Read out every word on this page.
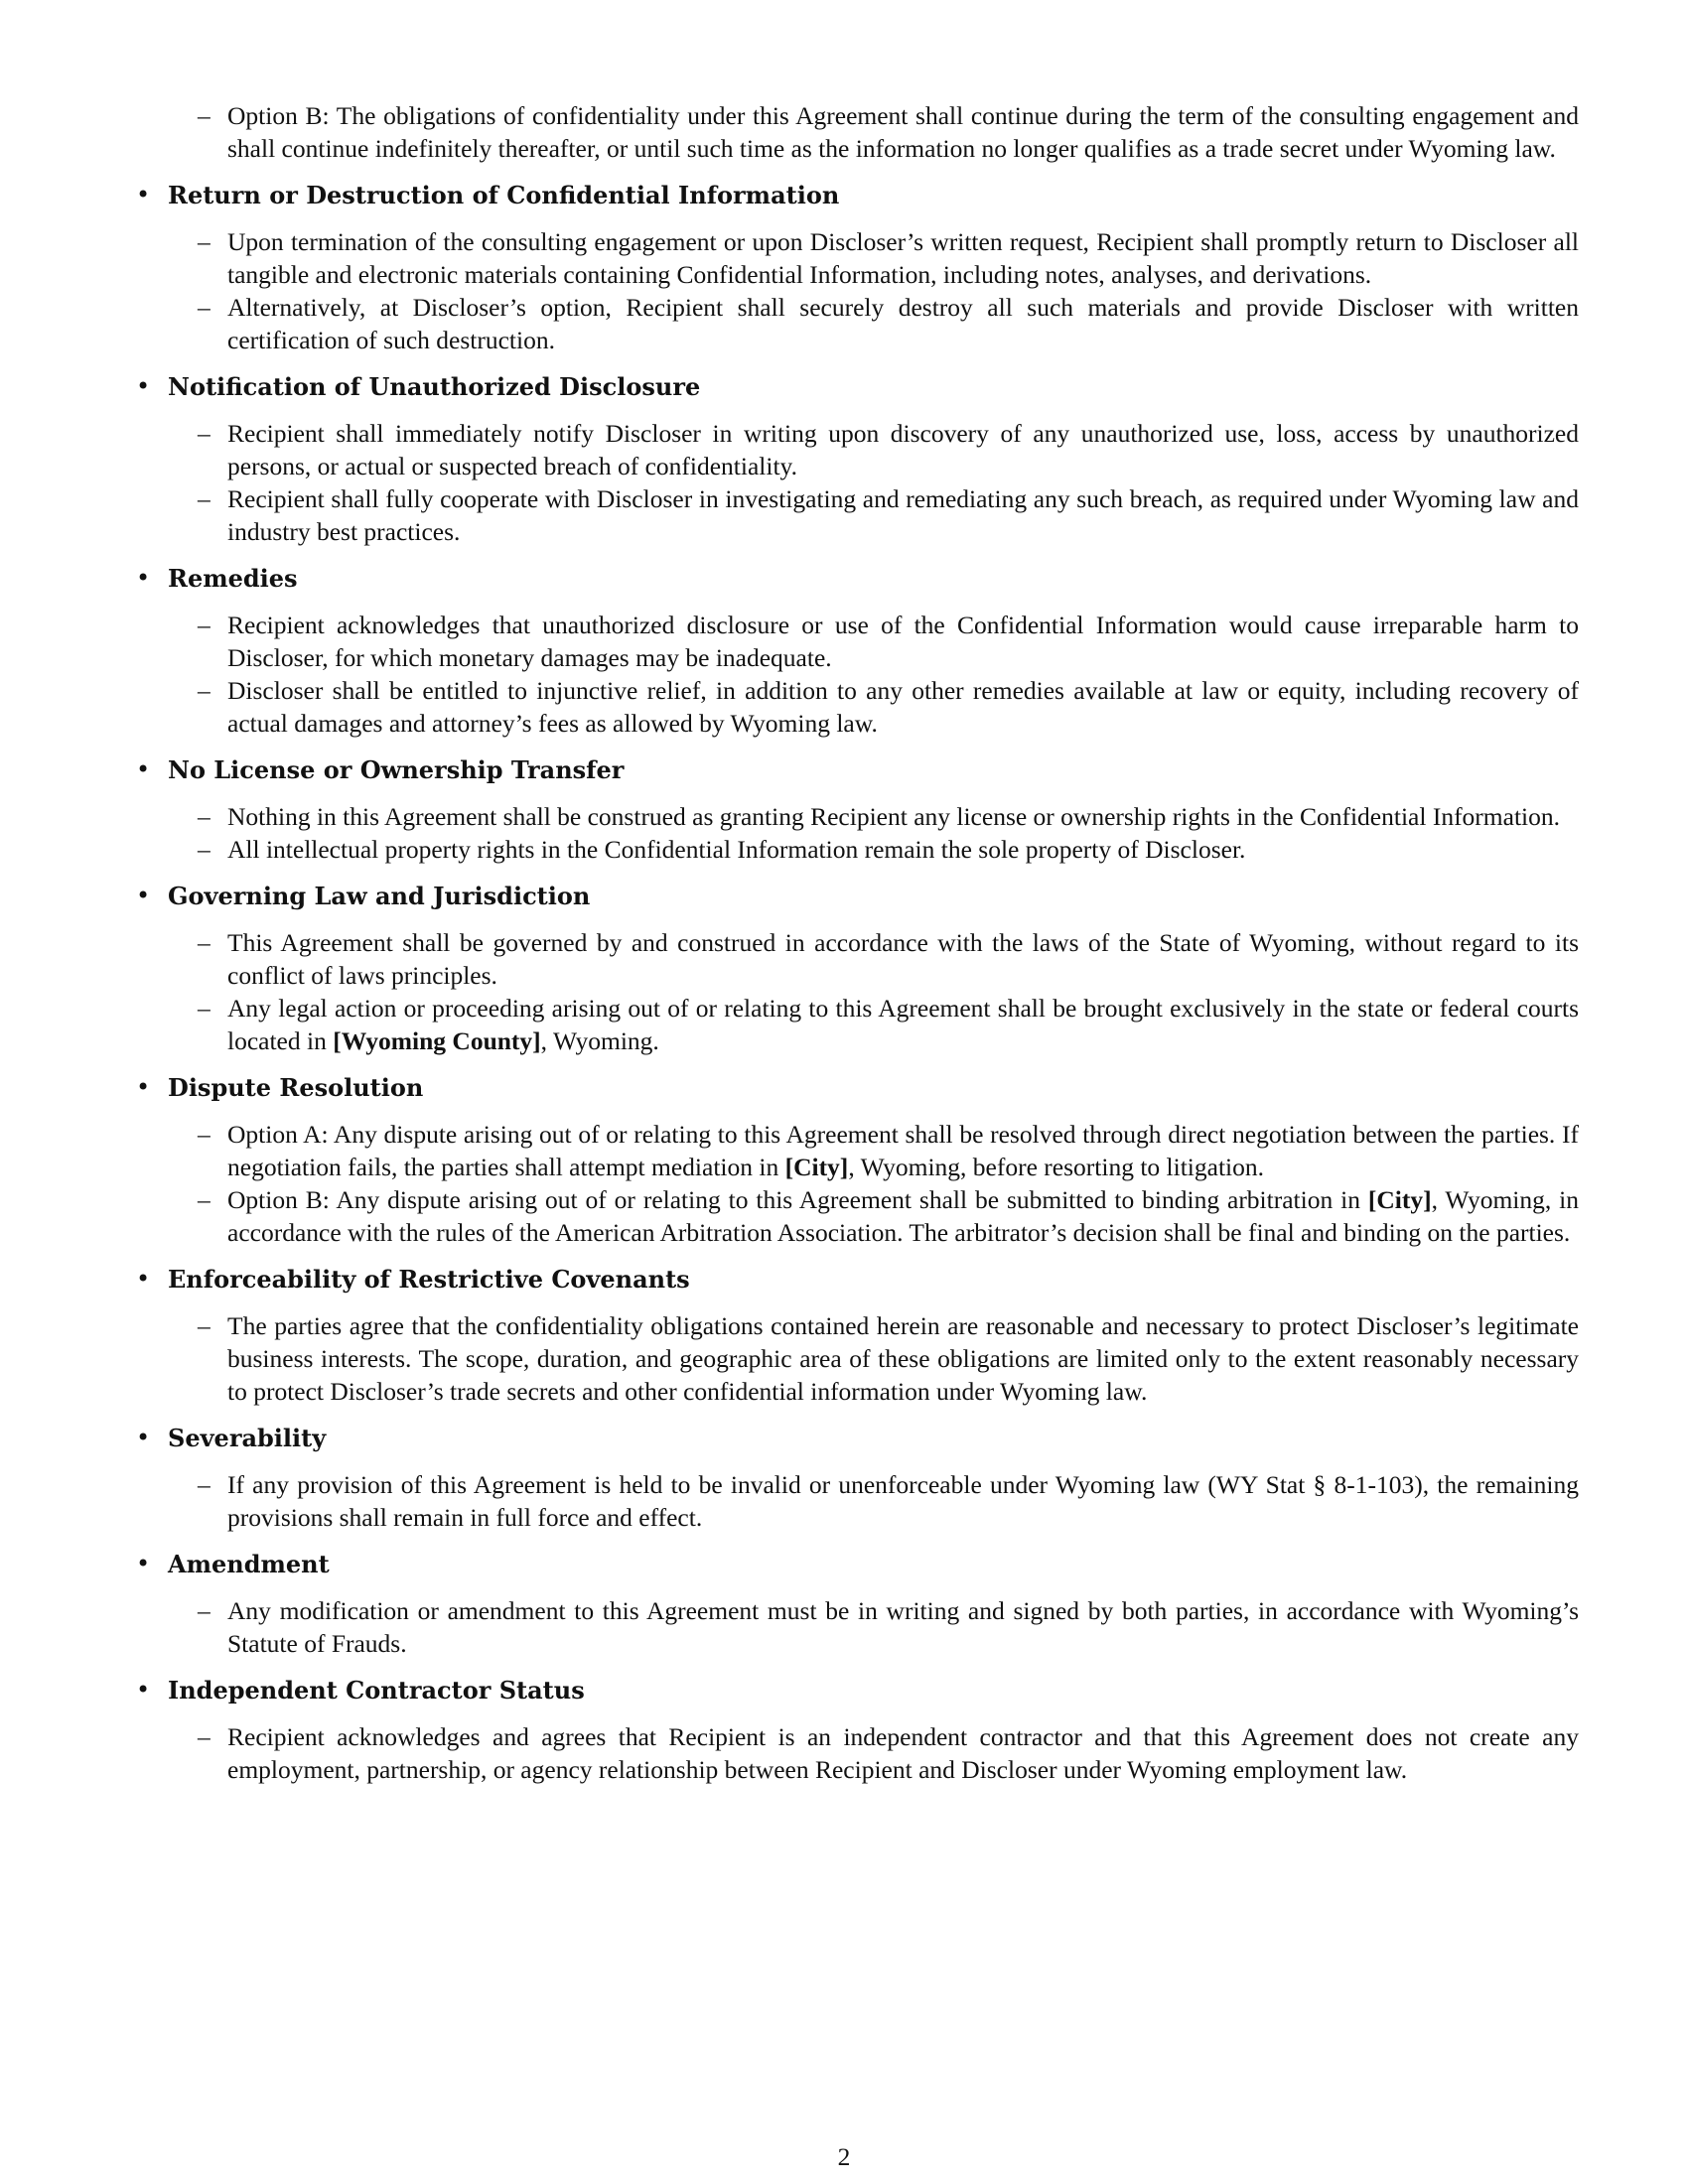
– Option B: The obligations of confidentiality under this Agreement shall continue during the term of the consulting engagement and shall continue indefinitely thereafter, or until such time as the information no longer qualifies as a trade secret under Wyoming law.
• Return or Destruction of Confidential Information
– Upon termination of the consulting engagement or upon Discloser’s written request, Recipient shall promptly return to Discloser all tangible and electronic materials containing Confidential Information, including notes, analyses, and derivations.
– Alternatively, at Discloser’s option, Recipient shall securely destroy all such materials and provide Discloser with written certification of such destruction.
• Notification of Unauthorized Disclosure
– Recipient shall immediately notify Discloser in writing upon discovery of any unauthorized use, loss, access by unauthorized persons, or actual or suspected breach of confidentiality.
– Recipient shall fully cooperate with Discloser in investigating and remediating any such breach, as required under Wyoming law and industry best practices.
• Remedies
– Recipient acknowledges that unauthorized disclosure or use of the Confidential Information would cause irreparable harm to Discloser, for which monetary damages may be inadequate.
– Discloser shall be entitled to injunctive relief, in addition to any other remedies available at law or equity, including recovery of actual damages and attorney’s fees as allowed by Wyoming law.
• No License or Ownership Transfer
– Nothing in this Agreement shall be construed as granting Recipient any license or ownership rights in the Confidential Information.
– All intellectual property rights in the Confidential Information remain the sole property of Discloser.
• Governing Law and Jurisdiction
– This Agreement shall be governed by and construed in accordance with the laws of the State of Wyoming, without regard to its conflict of laws principles.
– Any legal action or proceeding arising out of or relating to this Agreement shall be brought exclusively in the state or federal courts located in [Wyoming County], Wyoming.
• Dispute Resolution
– Option A: Any dispute arising out of or relating to this Agreement shall be resolved through direct negotiation between the parties. If negotiation fails, the parties shall attempt mediation in [City], Wyoming, before resorting to litigation.
– Option B: Any dispute arising out of or relating to this Agreement shall be submitted to binding arbitration in [City], Wyoming, in accordance with the rules of the American Arbitration Association. The arbitrator’s decision shall be final and binding on the parties.
• Enforceability of Restrictive Covenants
– The parties agree that the confidentiality obligations contained herein are reasonable and necessary to protect Discloser’s legitimate business interests. The scope, duration, and geographic area of these obligations are limited only to the extent reasonably necessary to protect Discloser’s trade secrets and other confidential information under Wyoming law.
• Severability
– If any provision of this Agreement is held to be invalid or unenforceable under Wyoming law (WY Stat § 8-1-103), the remaining provisions shall remain in full force and effect.
• Amendment
– Any modification or amendment to this Agreement must be in writing and signed by both parties, in accordance with Wyoming’s Statute of Frauds.
• Independent Contractor Status
– Recipient acknowledges and agrees that Recipient is an independent contractor and that this Agreement does not create any employment, partnership, or agency relationship between Recipient and Discloser under Wyoming employment law.
2
